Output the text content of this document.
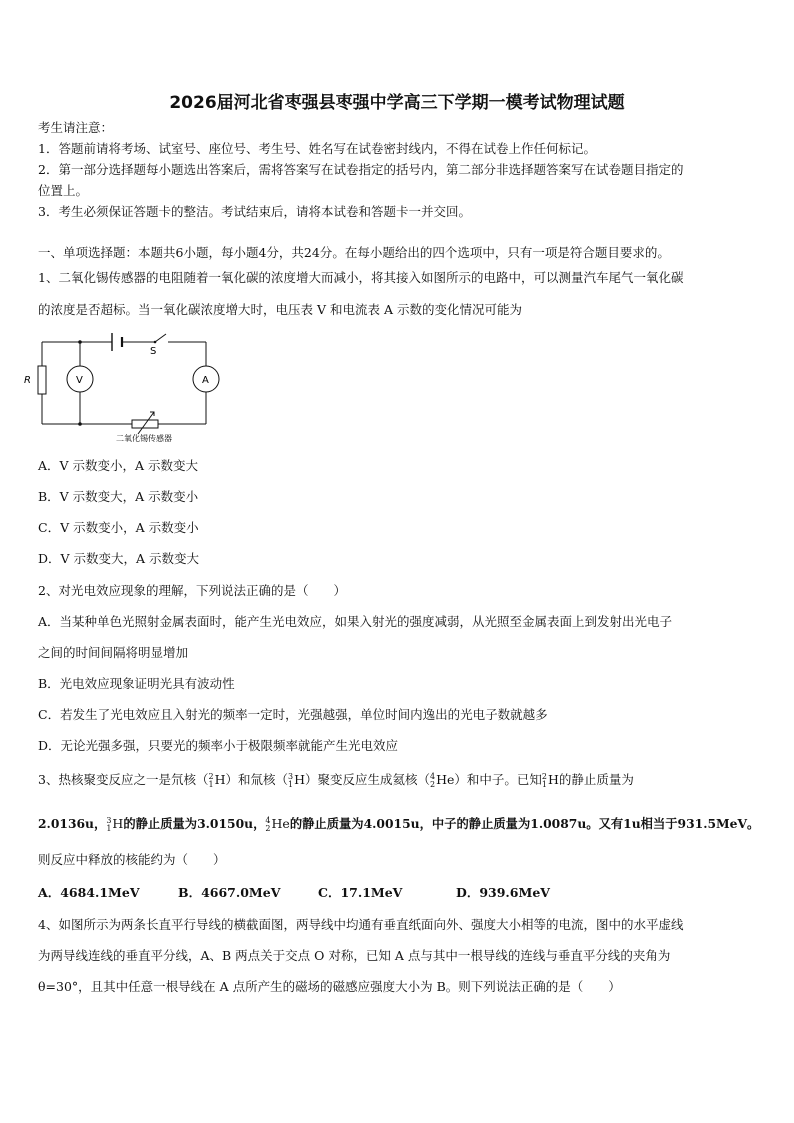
2026届河北省枣强县枣强中学高三下学期一模考试物理试题
考生请注意：
1．答题前请将考场、试室号、座位号、考生号、姓名写在试卷密封线内，不得在试卷上作任何标记。
2．第一部分选择题每小题选出答案后，需将答案写在试卷指定的括号内，第二部分非选择题答案写在试卷题目指定的
位置上。
3．考生必须保证答题卡的整洁。考试结束后，请将本试卷和答题卡一并交回。
一、单项选择题：本题共6小题，每小题4分，共24分。在每小题给出的四个选项中，只有一项是符合题目要求的。
1、二氧化锡传感器的电阻随着一氧化碳的浓度增大而减小，将其接入如图所示的电路中，可以测量汽车尾气一氧化碳
的浓度是否超标。当一氧化碳浓度增大时，电压表 V 和电流表 A 示数的变化情况可能为
S
R	V	A
二氧化锡传感器
A．V 示数变小，A 示数变大
B．V 示数变大，A 示数变小
C．V 示数变小，A 示数变小
D．V 示数变大，A 示数变大
2、对光电效应现象的理解，下列说法正确的是（　　）
A．当某种单色光照射金属表面时，能产生光电效应，如果入射光的强度减弱，从光照至金属表面上到发射出光电子
之间的时间间隔将明显增加
B．光电效应现象证明光具有波动性
C．若发生了光电效应且入射光的频率一定时，光强越强，单位时间内逸出的光电子数就越多
D．无论光强多强，只要光的频率小于极限频率就能产生光电效应
3、热核聚变反应之一是氘核（ 2
1 H）和氚核（ 3
1 H）聚变反应生成氦核（ 4
2 He）和中子。已知 2
1 H的静止质量为
2.0136u， 3
1 H的静止质量为3.0150u， 4
2 He的静止质量为4.0015u，中子的静止质量为1.0087u。又有1u相当于931.5MeV。
则反应中释放的核能约为（　　）
A．4684.1MeV	B．4667.0MeV	C．17.1MeV	D．939.6MeV
4、如图所示为两条长直平行导线的横截面图，两导线中均通有垂直纸面向外、强度大小相等的电流，图中的水平虚线
为两导线连线的垂直平分线，A、B 两点关于交点 O 对称，已知 A 点与其中一根导线的连线与垂直平分线的夹角为
θ=30°，且其中任意一根导线在 A 点所产生的磁场的磁感应强度大小为 B。则下列说法正确的是（　　）
